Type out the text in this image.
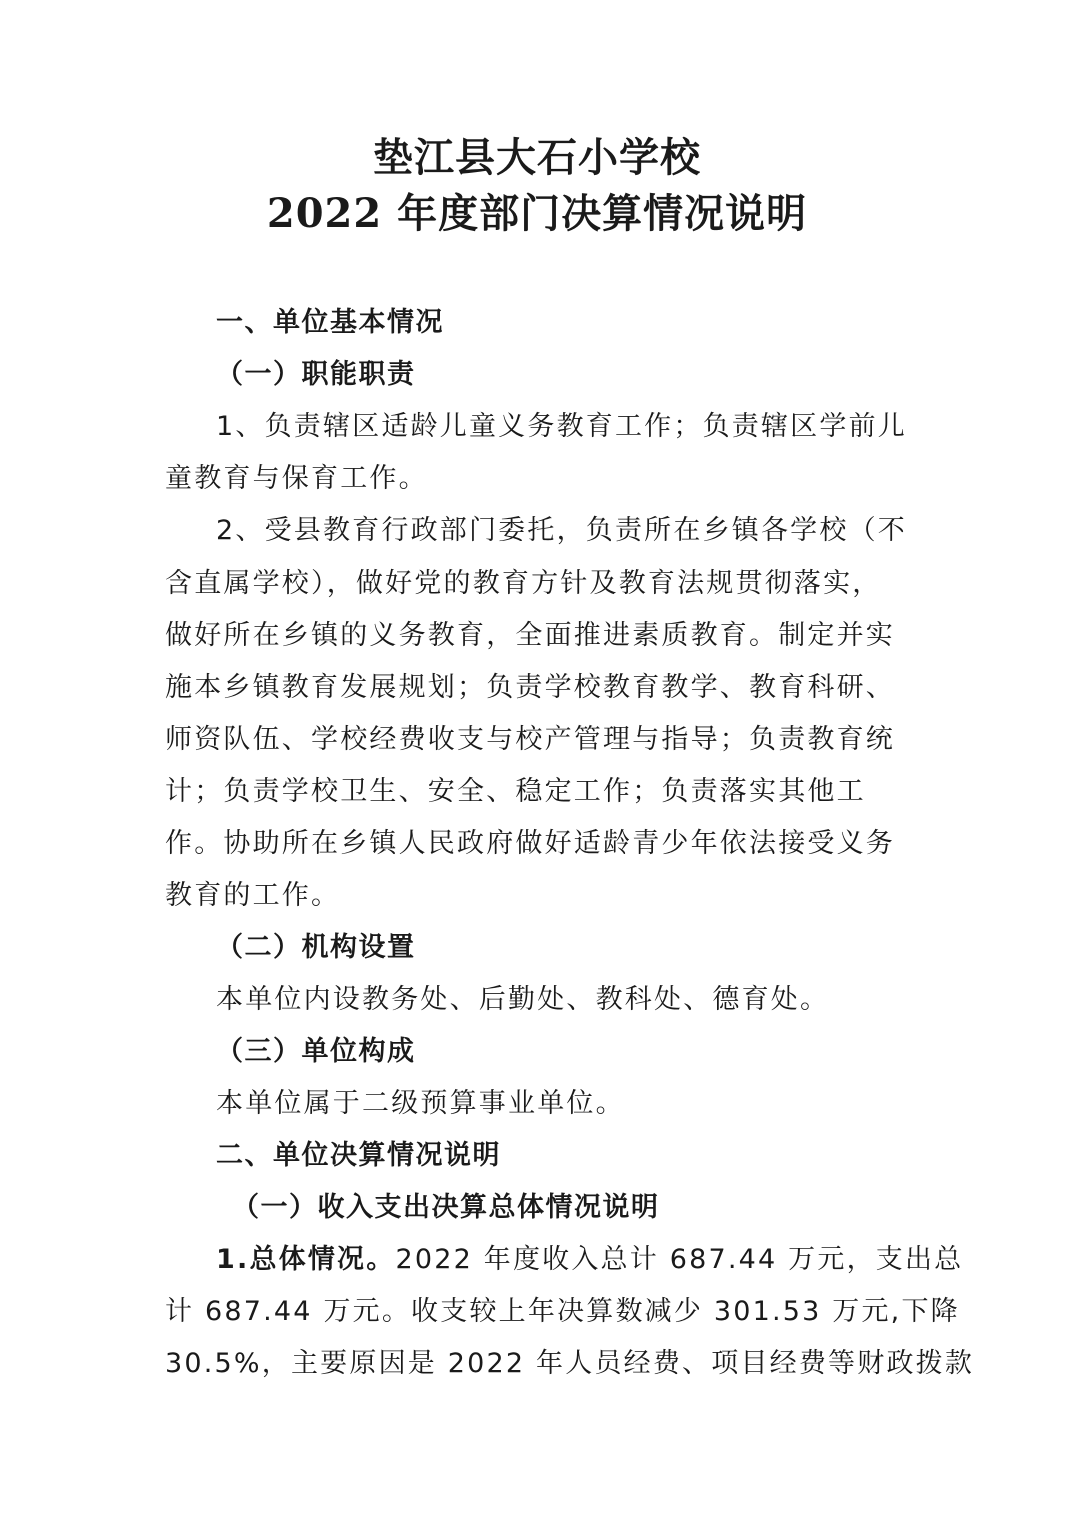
垫江县大石小学校
2022 年度部门决算情况说明
一、单位基本情况
（一）职能职责
1、负责辖区适龄儿童义务教育工作；负责辖区学前儿
童教育与保育工作。
2、受县教育行政部门委托，负责所在乡镇各学校（不
含直属学校），做好党的教育方针及教育法规贯彻落实，
做好所在乡镇的义务教育，全面推进素质教育。制定并实
施本乡镇教育发展规划；负责学校教育教学、教育科研、
师资队伍、学校经费收支与校产管理与指导；负责教育统
计；负责学校卫生、安全、稳定工作；负责落实其他工
作。协助所在乡镇人民政府做好适龄青少年依法接受义务
教育的工作。
（二）机构设置
本单位内设教务处、后勤处、教科处、德育处。
（三）单位构成
本单位属于二级预算事业单位。
二、单位决算情况说明
（一）收入支出决算总体情况说明
1.总体情况。2022 年度收入总计 687.44 万元，支出总
计 687.44 万元。收支较上年决算数减少 301.53 万元,下降
30.5%，主要原因是 2022 年人员经费、项目经费等财政拨款
